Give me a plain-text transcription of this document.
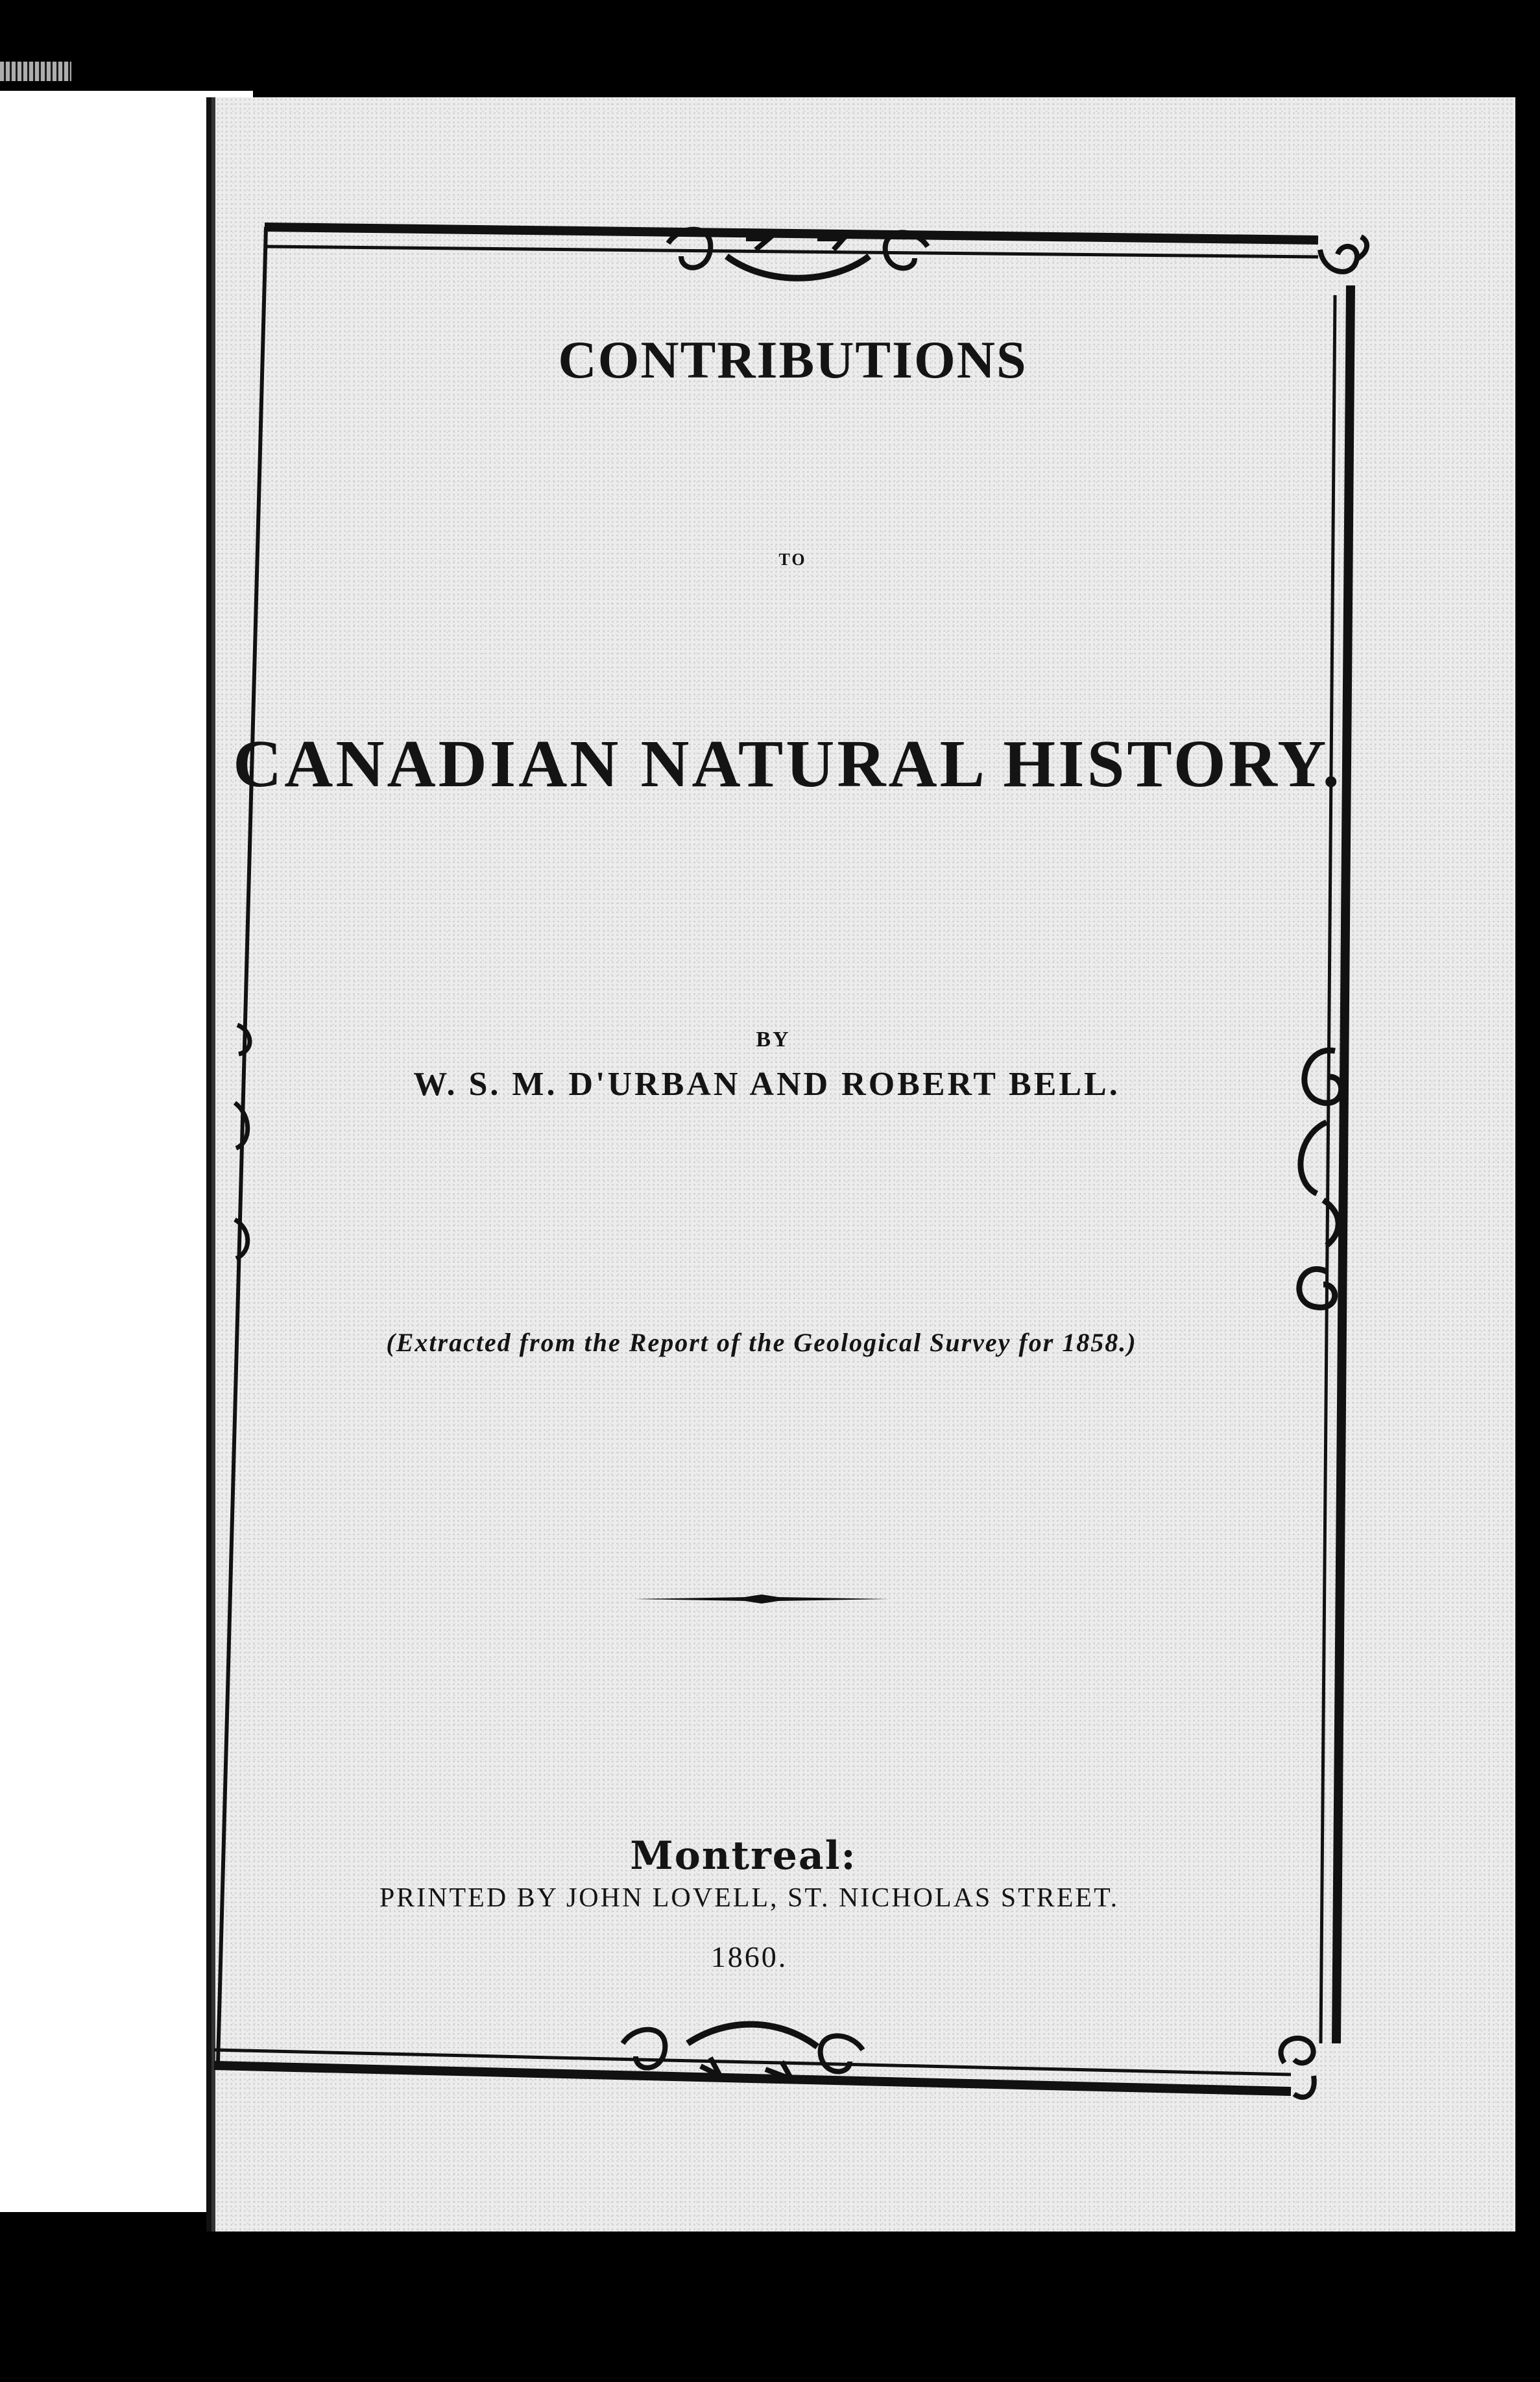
CONTRIBUTIONS
TO
CANADIAN NATURAL HISTORY.
BY
W. S. M. D'URBAN AND ROBERT BELL.
(Extracted from the Report of the Geological Survey for 1858.)
Montreal:
PRINTED BY JOHN LOVELL, ST. NICHOLAS STREET.
1860.
